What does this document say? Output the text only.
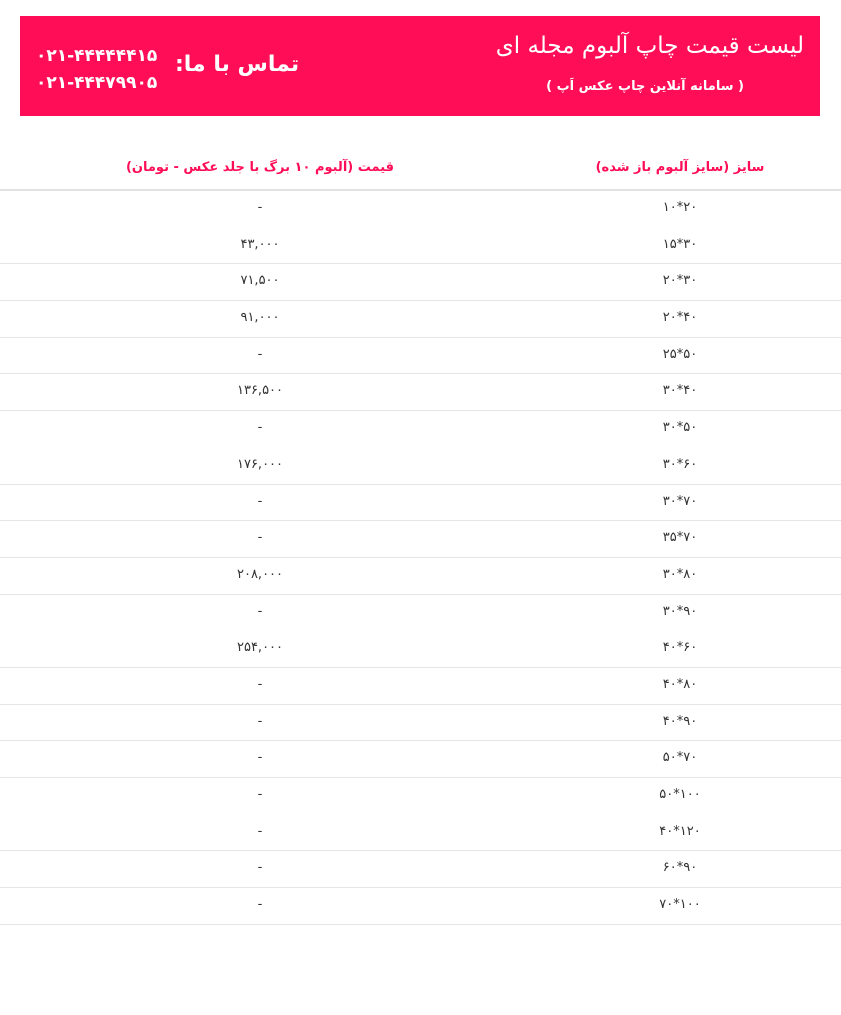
لیست قیمت چاپ آلبوم مجله ای
( سامانه آنلاین چاپ عکس اَپ )
تماس با ما:
۰۲۱-۴۴۴۴۴۴۱۵
۰۲۱-۴۴۴۷۹۹۰۵
سایز (سایز آلبوم باز شده)
قیمت (آلبوم ۱۰ برگ با جلد عکس - تومان)
-	۱۰*۲۰
۴۳,۰۰۰	۱۵*۳۰
۷۱,۵۰۰	۲۰*۳۰
۹۱,۰۰۰	۲۰*۴۰
-	۲۵*۵۰
۱۳۶,۵۰۰	۳۰*۴۰
-	۳۰*۵۰
۱۷۶,۰۰۰	۳۰*۶۰
-	۳۰*۷۰
-	۳۵*۷۰
۲۰۸,۰۰۰	۳۰*۸۰
-	۳۰*۹۰
۲۵۴,۰۰۰	۴۰*۶۰
-	۴۰*۸۰
-	۴۰*۹۰
-	۵۰*۷۰
-	۵۰*۱۰۰
-	۴۰*۱۲۰
-	۶۰*۹۰
-	۷۰*۱۰۰
